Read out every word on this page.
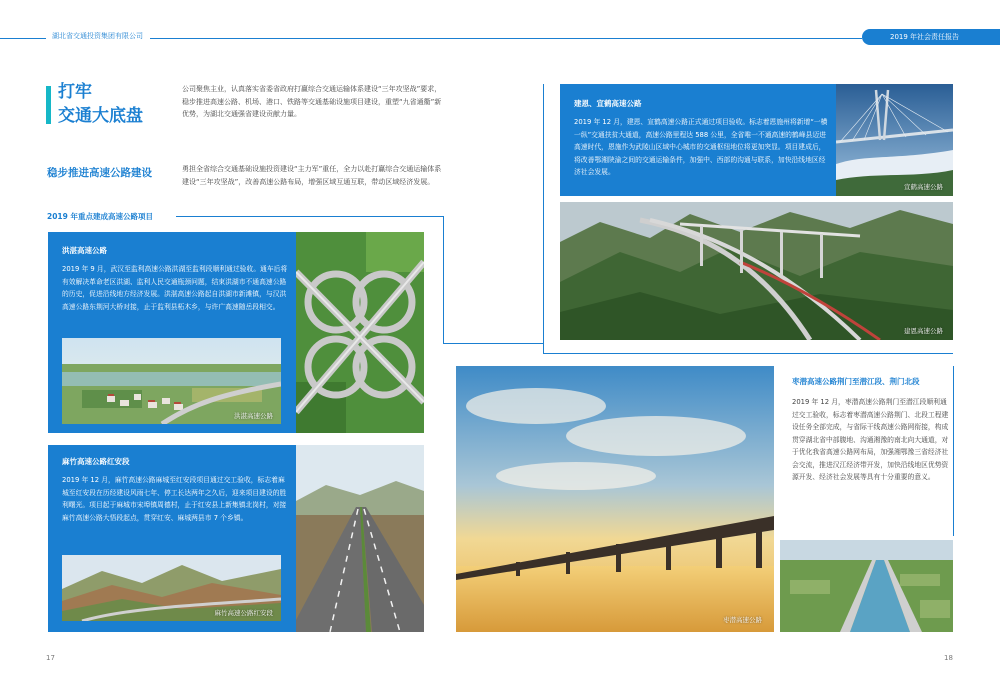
湖北省交通投资集团有限公司	2019 年社会责任报告
打牢
交通大底盘
公司聚焦主业，认真落实省委省政府打赢综合交通运输体系建设“三年攻坚战”要求，稳步推进高速公路、机场、港口、铁路等交通基础设施项目建设，重塑“九省通衢”新优势，为湖北交通强省建设贡献力量。
稳步推进高速公路建设	勇担全省综合交通基础设施投资建设“主力军”重任，全力以赴打赢综合交通运输体系建设“三年攻坚战”，改善高速公路布局，增强区域互通互联，带动区域经济发展。
2019 年重点建成高速公路项目
洪湛高速公路
2019 年 9 月，武汉至监利高速公路洪湖至监利段顺利通过验收。通车后将有效解决革命老区洪湖、监利人民交通瓶颈问题，结束洪湖市不通高速公路的历史，促进沿线地方经济发展。洪湛高速公路起自洪湖市新滩镇，与汉洪高速公路东荆河大桥对接，止于监利县柘木乡，与许广高速随岳段相交。
洪湛高速公路
麻竹高速公路红安段
2019 年 12 月，麻竹高速公路麻城至红安段项目通过交工验收，标志着麻城至红安段在历经建设风雨七年、停工长达两年之久后，迎来项目建设的胜利曙光。项目起于麻城市宋埠镇周德村，止于红安县上新集镇北岗村，对接麻竹高速公路大悟段起点，贯穿红安、麻城两县市 7 个乡镇。
麻竹高速公路红安段
17
建恩、宣鹤高速公路
2019 年 12 月，建恩、宣鹤高速公路正式通过项目验收。标志着恩施州将新增“一横一纵”交通扶贫大通道，高速公路里程达 588 公里，全省唯一不通高速的鹤峰县迈进高速时代，恩施作为武陵山区域中心城市的交通枢纽地位将更加突显。项目建成后，将改善鄂湘陕渝之间的交通运输条件，加强中、西部的沟通与联系，加快沿线地区经济社会发展。
宣鹤高速公路
建恩高速公路
枣潜高速公路
枣潜高速公路荆门至潜江段、荆门北段
2019 年 12 月，枣潜高速公路荆门至潜江段顺利通过交工验收，标志着枣潜高速公路荆门、北段工程建设任务全部完成，与省际干线高速公路网衔接，构成贯穿湖北省中部腹地、沟通湘豫的南北向大通道，对于优化我省高速公路网布局，加强湘鄂豫三省经济社会交流，推进汉江经济带开发，加快沿线地区优势资源开发、经济社会发展等具有十分重要的意义。
18
